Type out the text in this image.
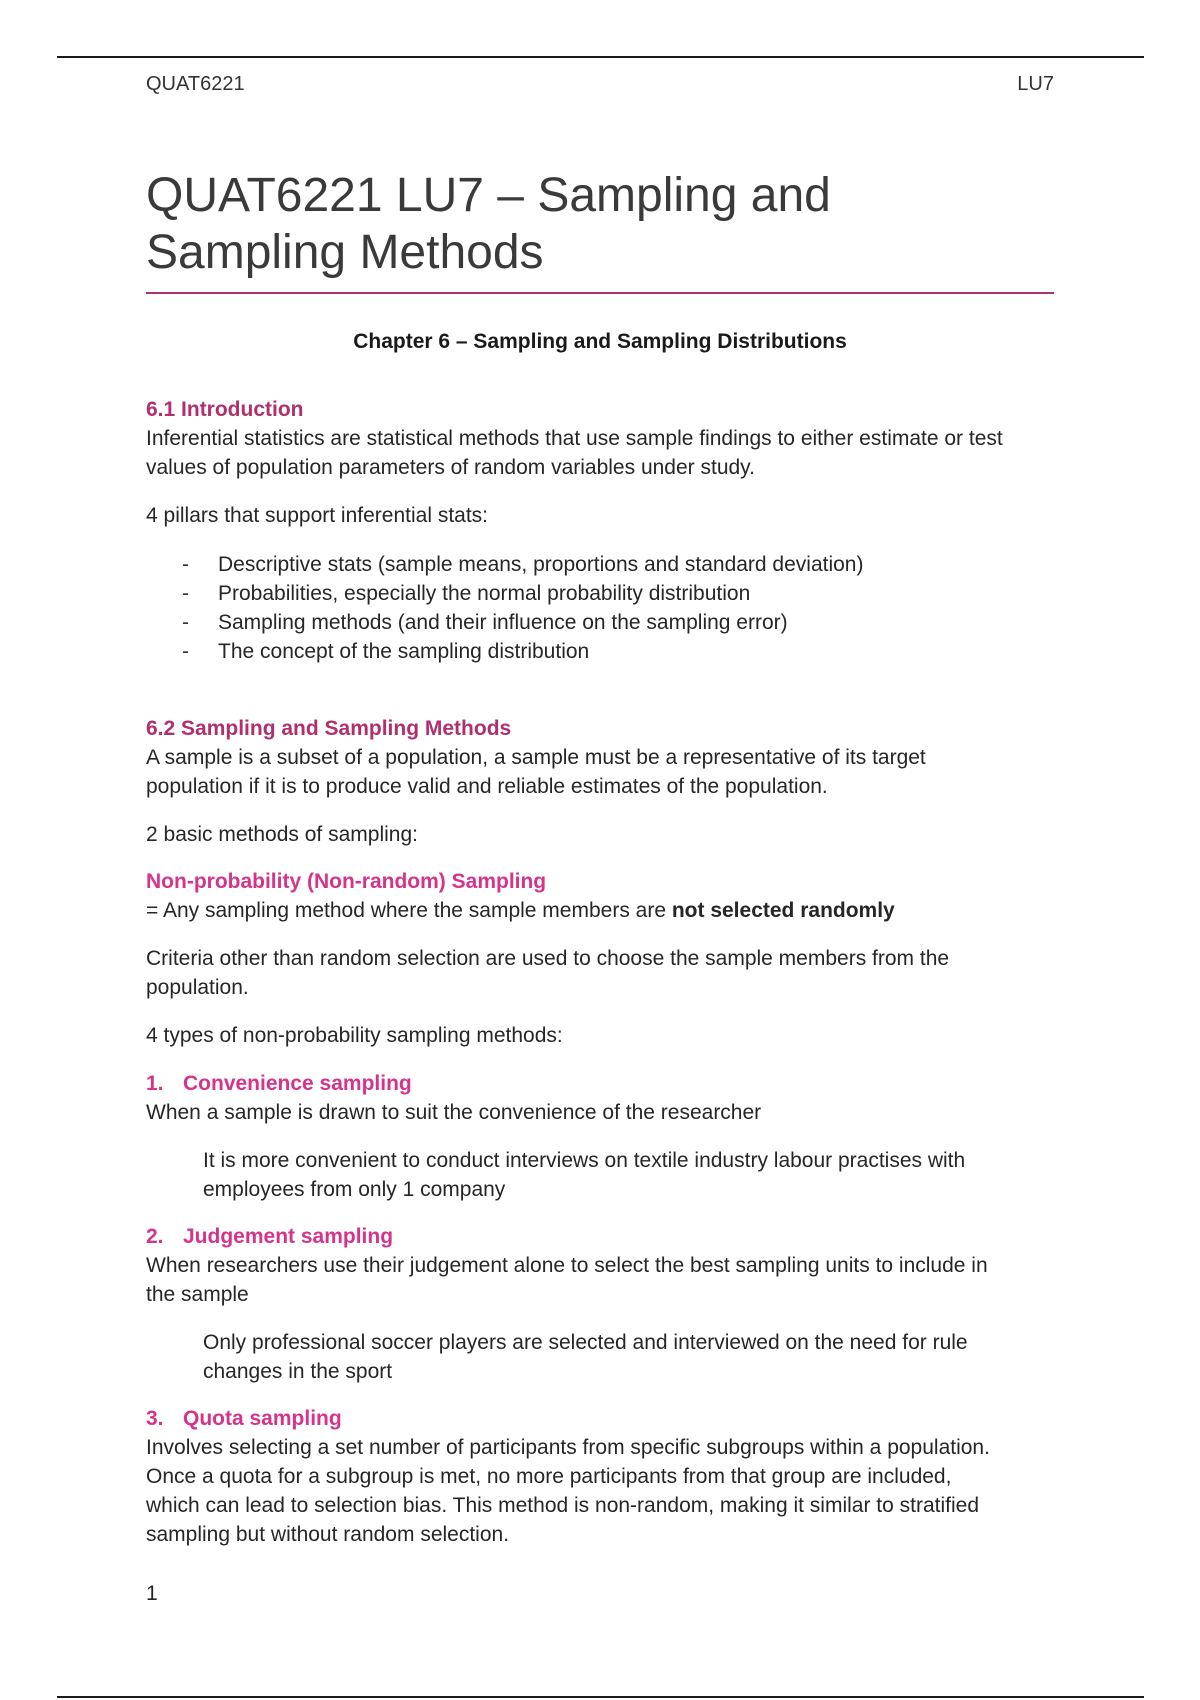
QUAT6221	LU7
QUAT6221 LU7 – Sampling and
Sampling Methods
Chapter 6 – Sampling and Sampling Distributions
6.1 Introduction

Inferential statistics are statistical methods that use sample findings to either estimate or test
values of population parameters of random variables under study.

4 pillars that support inferential stats:

- Descriptive stats (sample means, proportions and standard deviation)
- Probabilities, especially the normal probability distribution
- Sampling methods (and their influence on the sampling error)
- The concept of the sampling distribution
6.2 Sampling and Sampling Methods

A sample is a subset of a population, a sample must be a representative of its target
population if it is to produce valid and reliable estimates of the population.

2 basic methods of sampling:

Non-probability (Non-random) Sampling

= Any sampling method where the sample members are not selected randomly

Criteria other than random selection are used to choose the sample members from the
population.

4 types of non-probability sampling methods:

1. Convenience sampling

When a sample is drawn to suit the convenience of the researcher

It is more convenient to conduct interviews on textile industry labour practises with
employees from only 1 company

2. Judgement sampling

When researchers use their judgement alone to select the best sampling units to include in
the sample

Only professional soccer players are selected and interviewed on the need for rule
changes in the sport

3. Quota sampling

Involves selecting a set number of participants from specific subgroups within a population.
Once a quota for a subgroup is met, no more participants from that group are included,
which can lead to selection bias. This method is non-random, making it similar to stratified
sampling but without random selection.

1
